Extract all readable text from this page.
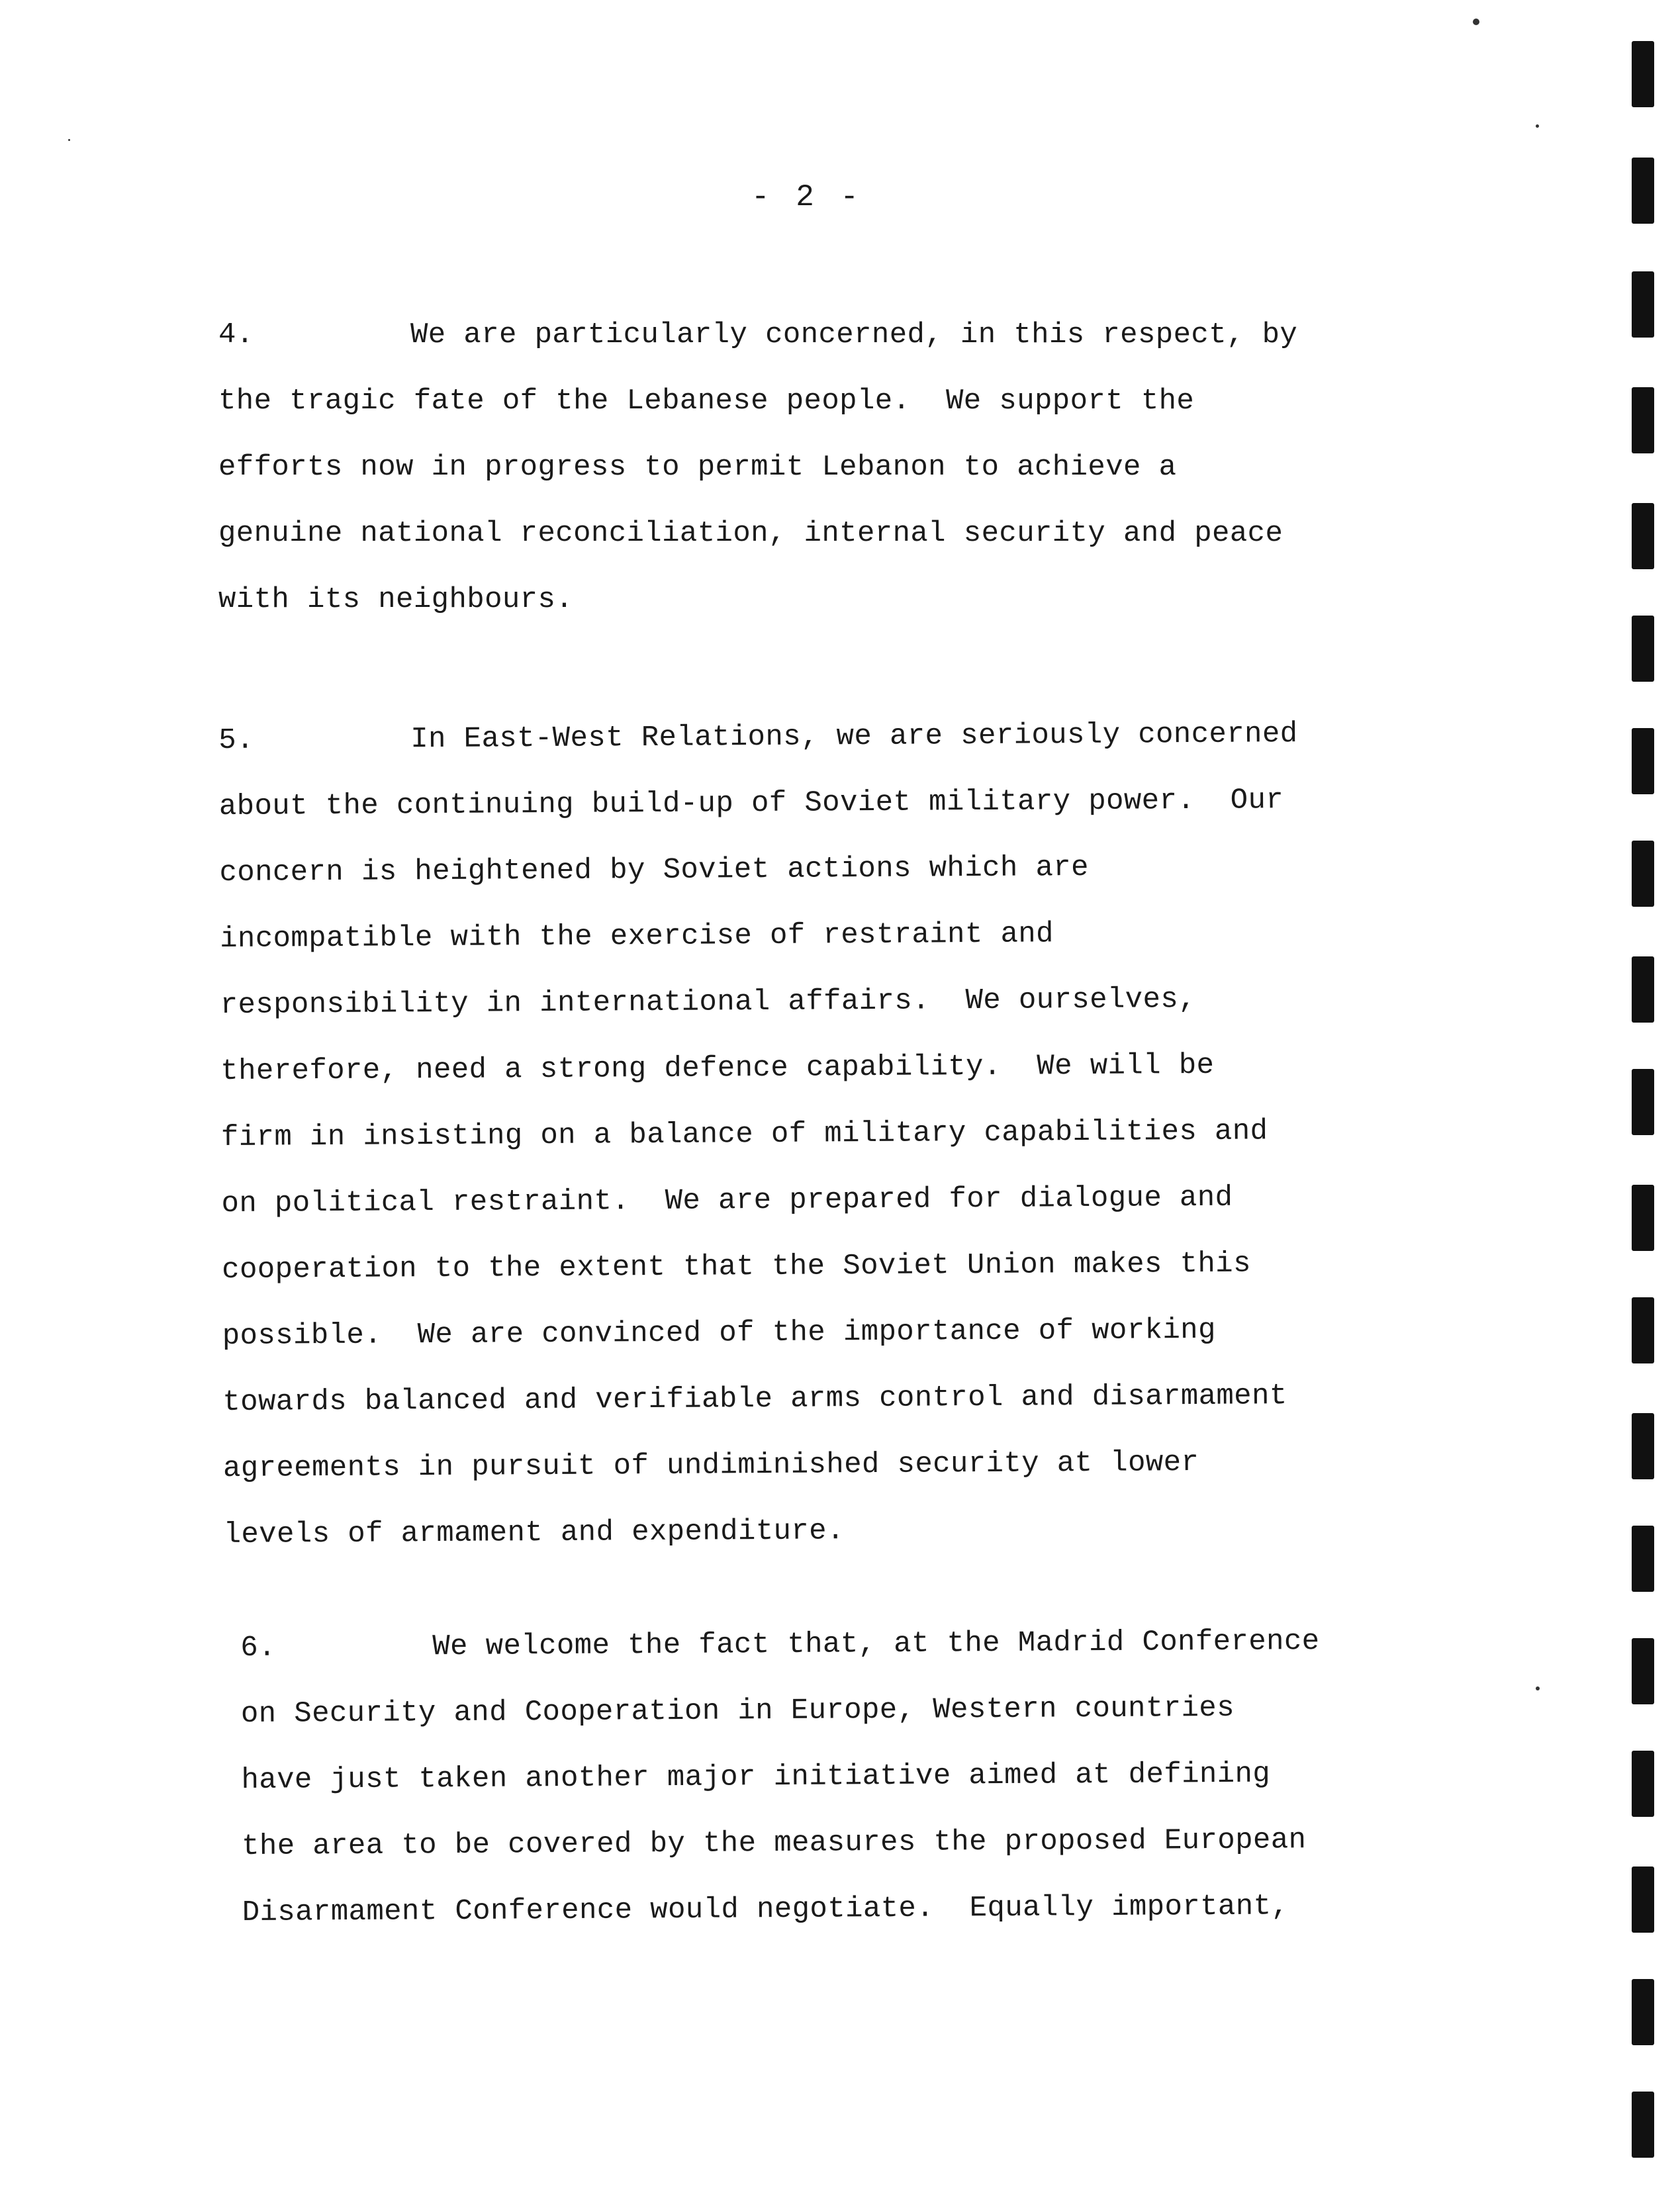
- 2 -
4.	We are particularly concerned, in this respect, by
the tragic fate of the Lebanese people.  We support the
efforts now in progress to permit Lebanon to achieve a
genuine national reconciliation, internal security and peace
with its neighbours.
5.	In East-West Relations, we are seriously concerned
about the continuing build-up of Soviet military power.  Our
concern is heightened by Soviet actions which are
incompatible with the exercise of restraint and
responsibility in international affairs.  We ourselves,
therefore, need a strong defence capability.  We will be
firm in insisting on a balance of military capabilities and
on political restraint.  We are prepared for dialogue and
cooperation to the extent that the Soviet Union makes this
possible.  We are convinced of the importance of working
towards balanced and verifiable arms control and disarmament
agreements in pursuit of undiminished security at lower
levels of armament and expenditure.
6.	We welcome the fact that, at the Madrid Conference
on Security and Cooperation in Europe, Western countries
have just taken another major initiative aimed at defining
the area to be covered by the measures the proposed European
Disarmament Conference would negotiate.  Equally important,
